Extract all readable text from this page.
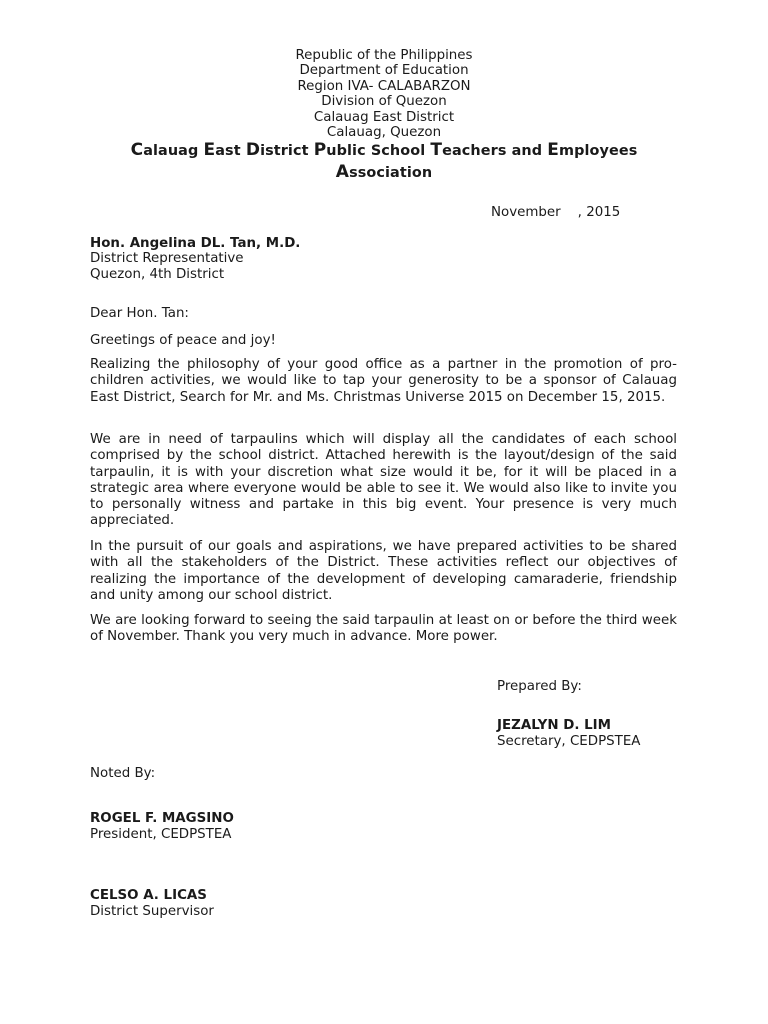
Republic of the Philippines
Department of Education
Region IVA- CALABARZON
Division of Quezon
Calauag East District
Calauag, Quezon
Calauag East District Public School Teachers and Employees
Association
November    , 2015
Hon. Angelina DL. Tan, M.D.
District Representative
Quezon, 4th District
Dear Hon. Tan:
Greetings of peace and joy!
Realizing the philosophy of your good office as a partner in the promotion of pro-children activities, we would like to tap your generosity to be a sponsor of Calauag East District, Search for Mr. and Ms. Christmas Universe 2015 on December 15, 2015.
We are in need of tarpaulins which will display all the candidates of each school comprised by the school district. Attached herewith is the layout/design of the said tarpaulin, it is with your discretion what size would it be, for it will be placed in a strategic area where everyone would be able to see it. We would also like to invite you to personally witness and partake in this big event. Your presence is very much appreciated.
In the pursuit of our goals and aspirations, we have prepared activities to be shared with all the stakeholders of the District. These activities reflect our objectives of realizing the importance of the development of developing camaraderie, friendship and unity among our school district.
We are looking forward to seeing the said tarpaulin at least on or before the third week of November. Thank you very much in advance. More power.
Prepared By:
JEZALYN D. LIM
Secretary, CEDPSTEA
Noted By:
ROGEL F. MAGSINO
President, CEDPSTEA
CELSO A. LICAS
District Supervisor
